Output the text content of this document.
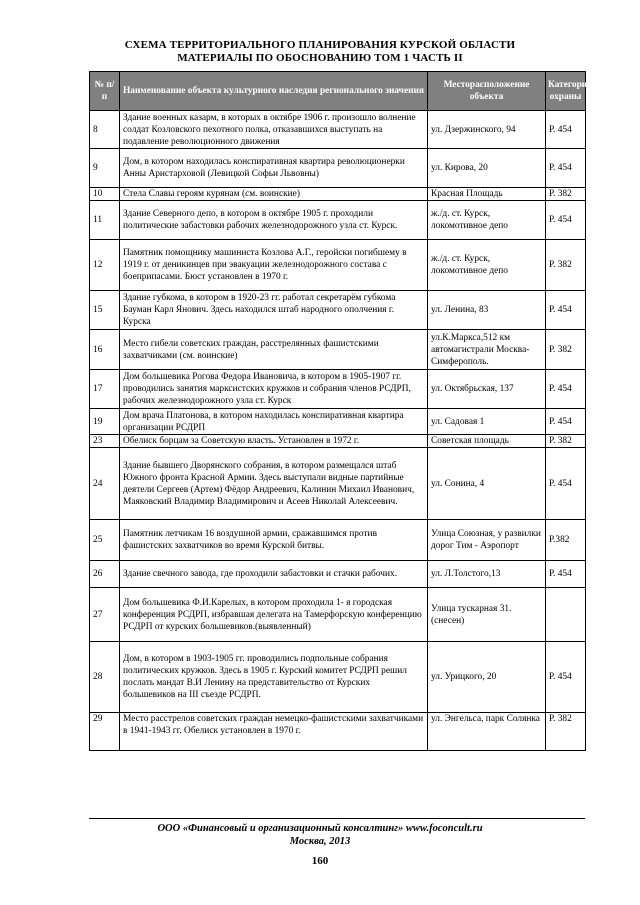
СХЕМА ТЕРРИТОРИАЛЬНОГО ПЛАНИРОВАНИЯ КУРСКОЙ ОБЛАСТИ
МАТЕРИАЛЫ ПО ОБОСНОВАНИЮ ТОМ 1 ЧАСТЬ II
№ п/п	Наименование объекта культурного наследия регионального значения	Месторасположение объекта	Категория охраны
8	Здание военных казарм, в которых в октябре 1906 г. произошло волнение солдат Козловского пехотного полка, отказавшихся выступать на подавление революционного движения	ул. Дзержинского, 94	Р. 454
9	Дом, в котором находилась конспиративная квартира революционерки Анны Аристарховой (Левицкой Софьи Львовны)	ул. Кирова, 20	Р. 454
10	Стела Славы героям курянам (см. воинские)	Красная Площадь	Р. 382
11	Здание Северного депо, в котором в октябре 1905 г. проходили политические забастовки рабочих железнодорожного узла ст. Курск.	ж./д. ст. Курск, локомотивное депо	Р. 454
12	Памятник помощнику машиниста Козлова А.Г., геройски погибшему в 1919 г. от деникинцев при эвакуации железнодорожного состава с боеприпасами. Бюст установлен в 1970 г.	ж./д. ст. Курск, локомотивное депо	Р. 382
15	Здание губкома, в котором в 1920-23 гг. работал секретарём губкома Бауман Карл Янович. Здесь находился штаб народного ополчения г. Курска	ул. Ленина, 83	Р. 454
16	Место гибели советских граждан, расстрелянных фашистскими захватчиками (см. воинские)	ул.К.Маркса,512 км автомагистрали Москва-Симферополь.	Р. 382
17	Дом большевика Рогова Федора Ивановича, в котором в 1905-1907 гг. проводились занятия марксистских кружков и собрания членов РСДРП, рабочих железнодорожного узла ст. Курск	ул. Октябрьская, 137	Р. 454
19	Дом врача Платонова, в котором находилась конспиративная квартира организации РСДРП	ул. Садовая 1	Р. 454
23	Обелиск борцам за Советскую власть. Установлен в 1972 г.	Советская площадь	Р. 382
24	Здание бывшего Дворянского собрания, в котором размещался штаб Южного фронта Красной Армии. Здесь выступали видные партийные деятели Сергеев (Артем) Фёдор Андреевич, Калинин Михаил Иванович, Маяковский Владимир Владимирович и Асеев Николай Алексеевич.	ул. Сонина, 4	Р. 454
25	Памятник летчикам 16 воздушной армии, сражавшимся против фашистских захватчиков во время Курской битвы.	Улица Союзная, у развилки дорог Тим - Аэропорт	Р.382
26	Здание свечного завода, где проходили забастовки и стачки рабочих.	ул. Л.Толстого,13	Р. 454
27	Дом большевика Ф.И.Карелых, в котором проходила 1- я городская конференция РСДРП, избравшая делегата на Тамерфорскую конференцию РСДРП от курских большевиков.(выявленный)	Улица тускарная 31. (снесен)	
28	Дом, в котором в 1903-1905 гг. проводились подпольные собрания политических кружков. Здесь в 1905 г. Курский комитет РСДРП решил послать мандат В.И Ленину на представительство от Курских большевиков на III съезде РСДРП.	ул. Урицкого, 20	Р. 454
29	Место расстрелов советских граждан немецко-фашистскими захватчиками в 1941-1943 гг. Обелиск установлен в 1970 г.	ул. Энгельса, парк Солянка	Р. 382
ООО «Финансовый и организационный консалтинг» www.foconcult.ru
Москва, 2013
160
